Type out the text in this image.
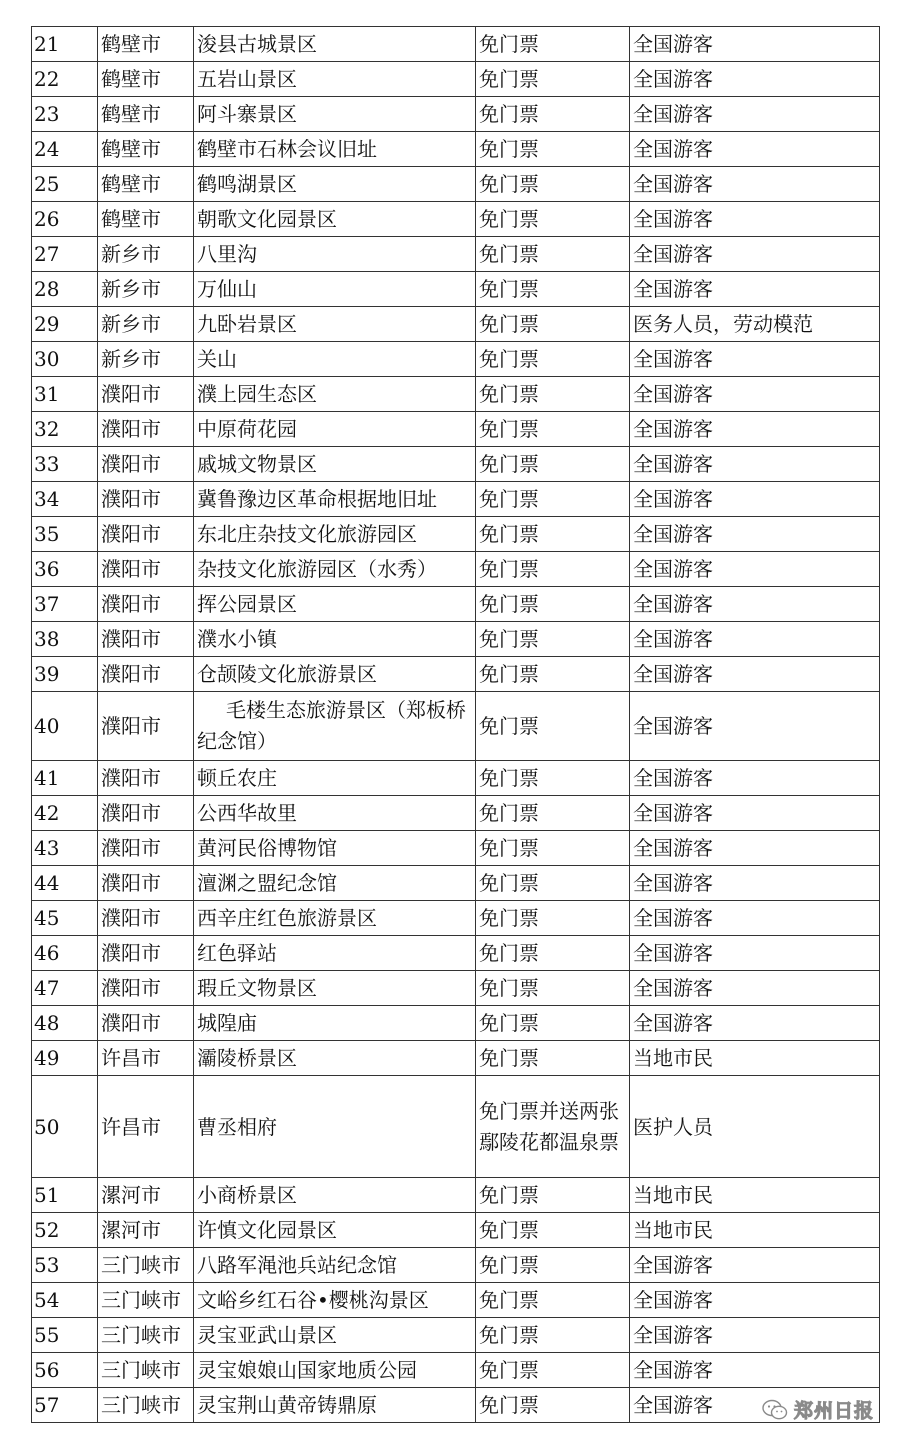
21	鹤壁市	浚县古城景区	免门票	全国游客
22	鹤壁市	五岩山景区	免门票	全国游客
23	鹤壁市	阿斗寨景区	免门票	全国游客
24	鹤壁市	鹤壁市石林会议旧址	免门票	全国游客
25	鹤壁市	鹤鸣湖景区	免门票	全国游客
26	鹤壁市	朝歌文化园景区	免门票	全国游客
27	新乡市	八里沟	免门票	全国游客
28	新乡市	万仙山	免门票	全国游客
29	新乡市	九卧岩景区	免门票	医务人员，劳动模范
30	新乡市	关山	免门票	全国游客
31	濮阳市	濮上园生态区	免门票	全国游客
32	濮阳市	中原荷花园	免门票	全国游客
33	濮阳市	戚城文物景区	免门票	全国游客
34	濮阳市	冀鲁豫边区革命根据地旧址	免门票	全国游客
35	濮阳市	东北庄杂技文化旅游园区	免门票	全国游客
36	濮阳市	杂技文化旅游园区（水秀）	免门票	全国游客
37	濮阳市	挥公园景区	免门票	全国游客
38	濮阳市	濮水小镇	免门票	全国游客
39	濮阳市	仓颉陵文化旅游景区	免门票	全国游客
40	濮阳市	毛楼生态旅游景区（郑板桥纪念馆）	免门票	全国游客
41	濮阳市	顿丘农庄	免门票	全国游客
42	濮阳市	公西华故里	免门票	全国游客
43	濮阳市	黄河民俗博物馆	免门票	全国游客
44	濮阳市	澶渊之盟纪念馆	免门票	全国游客
45	濮阳市	西辛庄红色旅游景区	免门票	全国游客
46	濮阳市	红色驿站	免门票	全国游客
47	濮阳市	瑕丘文物景区	免门票	全国游客
48	濮阳市	城隍庙	免门票	全国游客
49	许昌市	灞陵桥景区	免门票	当地市民
50	许昌市	曹丞相府	免门票并送两张鄢陵花都温泉票	医护人员
51	漯河市	小商桥景区	免门票	当地市民
52	漯河市	许慎文化园景区	免门票	当地市民
53	三门峡市	八路军渑池兵站纪念馆	免门票	全国游客
54	三门峡市	文峪乡红石谷•樱桃沟景区	免门票	全国游客
55	三门峡市	灵宝亚武山景区	免门票	全国游客
56	三门峡市	灵宝娘娘山国家地质公园	免门票	全国游客
57	三门峡市	灵宝荆山黄帝铸鼎原	免门票	全国游客	郑州日报
